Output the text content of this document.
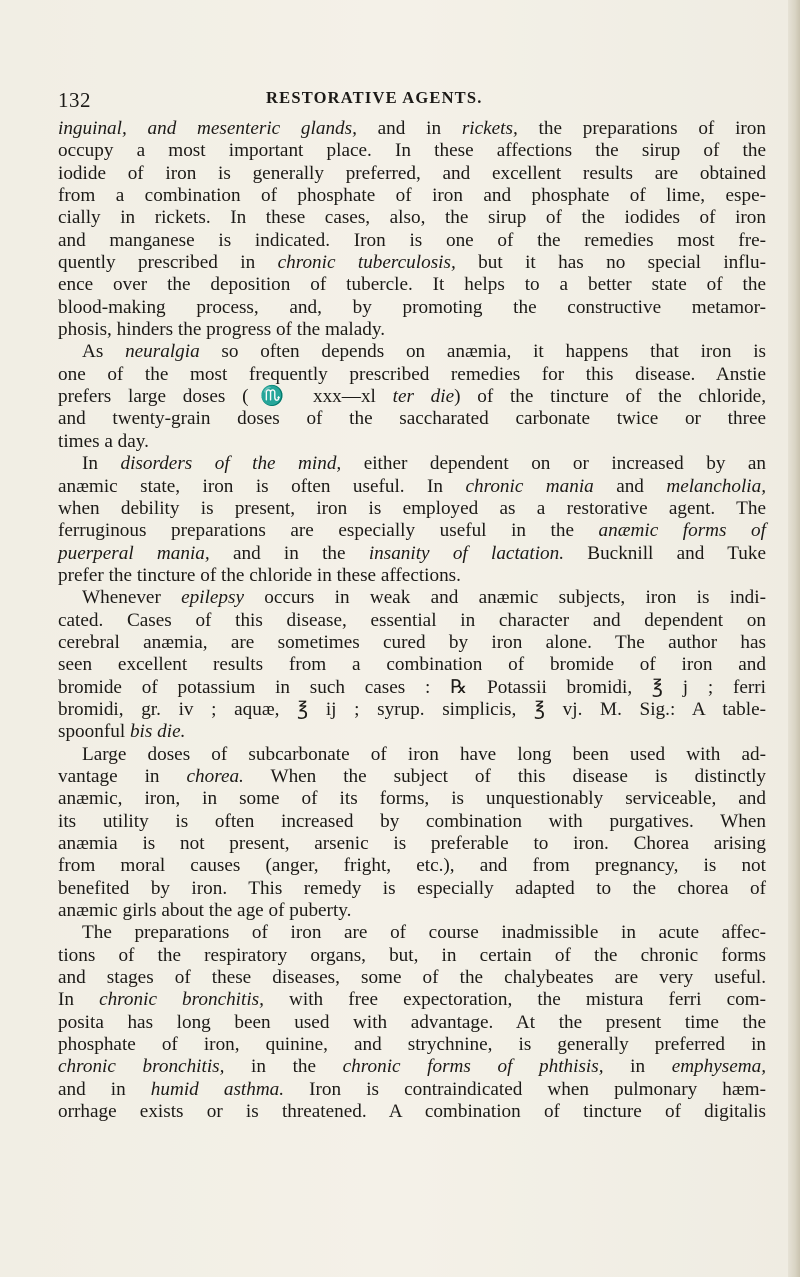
132	RESTORATIVE AGENTS.
inguinal, and mesenteric glands, and in rickets, the preparations of iron
occupy a most important place. In these affections the sirup of the
iodide of iron is generally preferred, and excellent results are obtained
from a combination of phosphate of iron and phosphate of lime, espe-
cially in rickets. In these cases, also, the sirup of the iodides of iron
and manganese is indicated. Iron is one of the remedies most fre-
quently prescribed in chronic tuberculosis, but it has no special influ-
ence over the deposition of tubercle. It helps to a better state of the
blood-making process, and, by promoting the constructive metamor-
phosis, hinders the progress of the malady.
As neuralgia so often depends on anæmia, it happens that iron is
one of the most frequently prescribed remedies for this disease. Anstie
prefers large doses (♏ xxx—xl ter die) of the tincture of the chloride,
and twenty-grain doses of the saccharated carbonate twice or three
times a day.
In disorders of the mind, either dependent on or increased by an
anæmic state, iron is often useful. In chronic mania and melancholia,
when debility is present, iron is employed as a restorative agent. The
ferruginous preparations are especially useful in the anæmic forms of
puerperal mania, and in the insanity of lactation. Bucknill and Tuke
prefer the tincture of the chloride in these affections.
Whenever epilepsy occurs in weak and anæmic subjects, iron is indi-
cated. Cases of this disease, essential in character and dependent on
cerebral anæmia, are sometimes cured by iron alone. The author has
seen excellent results from a combination of bromide of iron and
bromide of potassium in such cases : ℞ Potassii bromidi, ℥ j ; ferri
bromidi, gr. iv ; aquæ, ℥ ij ; syrup. simplicis, ℥ vj. M. Sig.: A table-
spoonful bis die.
Large doses of subcarbonate of iron have long been used with ad-
vantage in chorea. When the subject of this disease is distinctly
anæmic, iron, in some of its forms, is unquestionably serviceable, and
its utility is often increased by combination with purgatives. When
anæmia is not present, arsenic is preferable to iron. Chorea arising
from moral causes (anger, fright, etc.), and from pregnancy, is not
benefited by iron. This remedy is especially adapted to the chorea of
anæmic girls about the age of puberty.
The preparations of iron are of course inadmissible in acute affec-
tions of the respiratory organs, but, in certain of the chronic forms
and stages of these diseases, some of the chalybeates are very useful.
In chronic bronchitis, with free expectoration, the mistura ferri com-
posita has long been used with advantage. At the present time the
phosphate of iron, quinine, and strychnine, is generally preferred in
chronic bronchitis, in the chronic forms of phthisis, in emphysema,
and in humid asthma. Iron is contraindicated when pulmonary hæm-
orrhage exists or is threatened. A combination of tincture of digitalis
